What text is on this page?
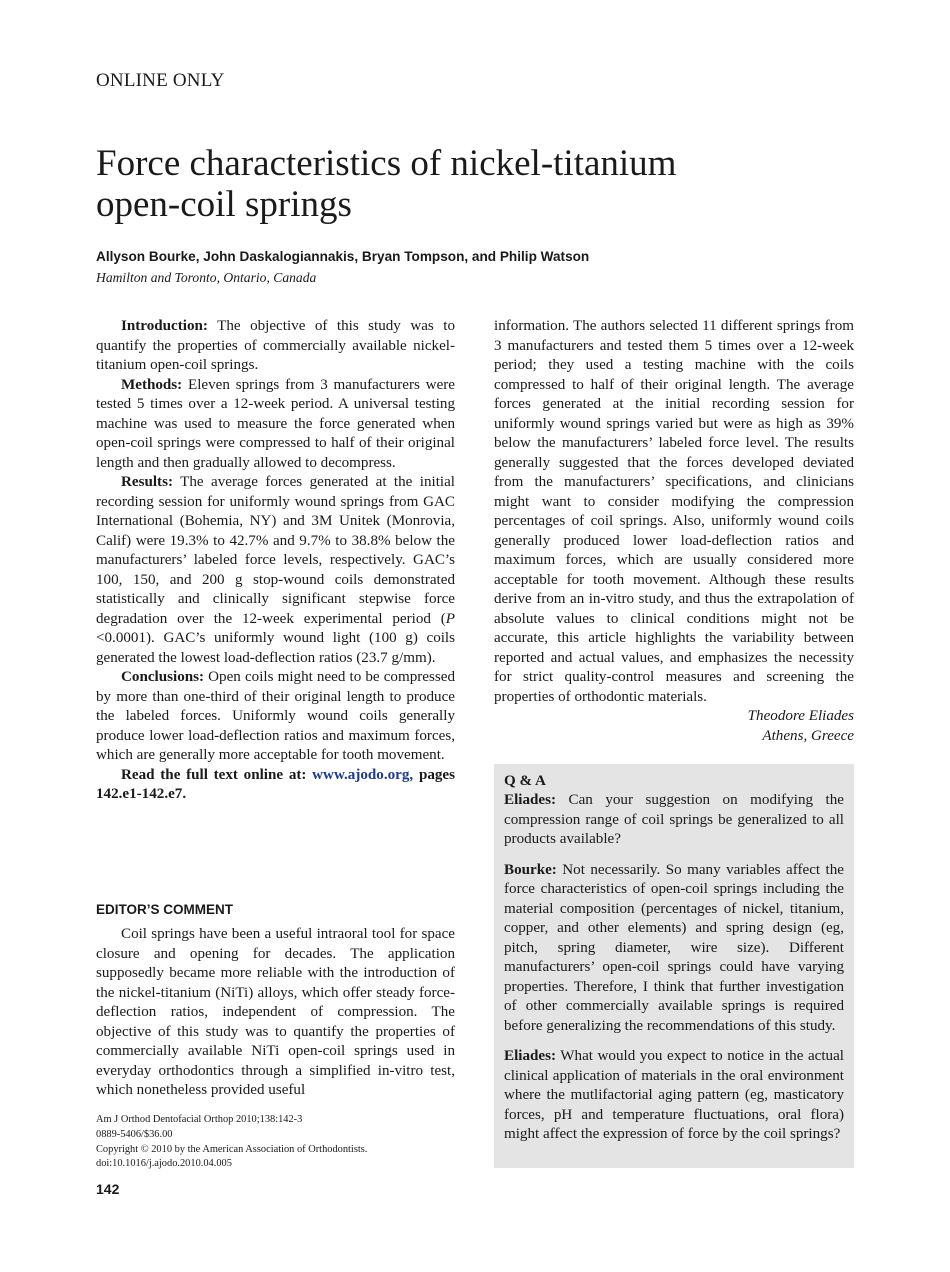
ONLINE ONLY
Force characteristics of nickel-titanium
open-coil springs
Allyson Bourke, John Daskalogiannakis, Bryan Tompson, and Philip Watson
Hamilton and Toronto, Ontario, Canada

Introduction: The objective of this study was to quantify the properties of commercially available nickel-titanium open-coil springs.

Methods: Eleven springs from 3 manufacturers were tested 5 times over a 12-week period. A universal testing machine was used to measure the force generated when open-coil springs were compressed to half of their original length and then gradually allowed to decompress.

Results: The average forces generated at the initial recording session for uniformly wound springs from GAC International (Bohemia, NY) and 3M Unitek (Monrovia, Calif) were 19.3% to 42.7% and 9.7% to 38.8% below the manufacturers’ labeled force levels, respectively. GAC’s 100, 150, and 200 g stop-wound coils demonstrated statistically and clinically significant stepwise force degradation over the 12-week experimental period (P <0.0001). GAC’s uniformly wound light (100 g) coils generated the lowest load-deflection ratios (23.7 g/mm).

Conclusions: Open coils might need to be compressed by more than one-third of their original length to produce the labeled forces. Uniformly wound coils generally produce lower load-deflection ratios and maximum forces, which are generally more acceptable for tooth movement.

Read the full text online at: www.ajodo.org, pages 142.e1-142.e7.

EDITOR’S COMMENT

Coil springs have been a useful intraoral tool for space closure and opening for decades. The application supposedly became more reliable with the introduction of the nickel-titanium (NiTi) alloys, which offer steady force-deflection ratios, independent of compression. The objective of this study was to quantify the properties of commercially available NiTi open-coil springs used in everyday orthodontics through a simplified in-vitro test, which nonetheless provided useful

information. The authors selected 11 different springs from 3 manufacturers and tested them 5 times over a 12-week period; they used a testing machine with the coils compressed to half of their original length. The average forces generated at the initial recording session for uniformly wound springs varied but were as high as 39% below the manufacturers’ labeled force level. The results generally suggested that the forces developed deviated from the manufacturers’ specifications, and clinicians might want to consider modifying the compression percentages of coil springs. Also, uniformly wound coils generally produced lower load-deflection ratios and maximum forces, which are usually considered more acceptable for tooth movement. Although these results derive from an in-vitro study, and thus the extrapolation of absolute values to clinical conditions might not be accurate, this article highlights the variability between reported and actual values, and emphasizes the necessity for strict quality-control measures and screening the properties of orthodontic materials.
Theodore Eliades
Athens, Greece
Q & A

Eliades: Can your suggestion on modifying the compression range of coil springs be generalized to all products available?

Bourke: Not necessarily. So many variables affect the force characteristics of open-coil springs including the material composition (percentages of nickel, titanium, copper, and other elements) and spring design (eg, pitch, spring diameter, wire size). Different manufacturers’ open-coil springs could have varying properties. Therefore, I think that further investigation of other commercially available springs is required before generalizing the recommendations of this study.

Eliades: What would you expect to notice in the actual clinical application of materials in the oral environment where the mutlifactorial aging pattern (eg, masticatory forces, pH and temperature fluctuations, oral flora) might affect the expression of force by the coil springs?

Am J Orthod Dentofacial Orthop 2010;138:142-3
0889-5406/$36.00
Copyright © 2010 by the American Association of Orthodontists.
doi:10.1016/j.ajodo.2010.04.005
142
